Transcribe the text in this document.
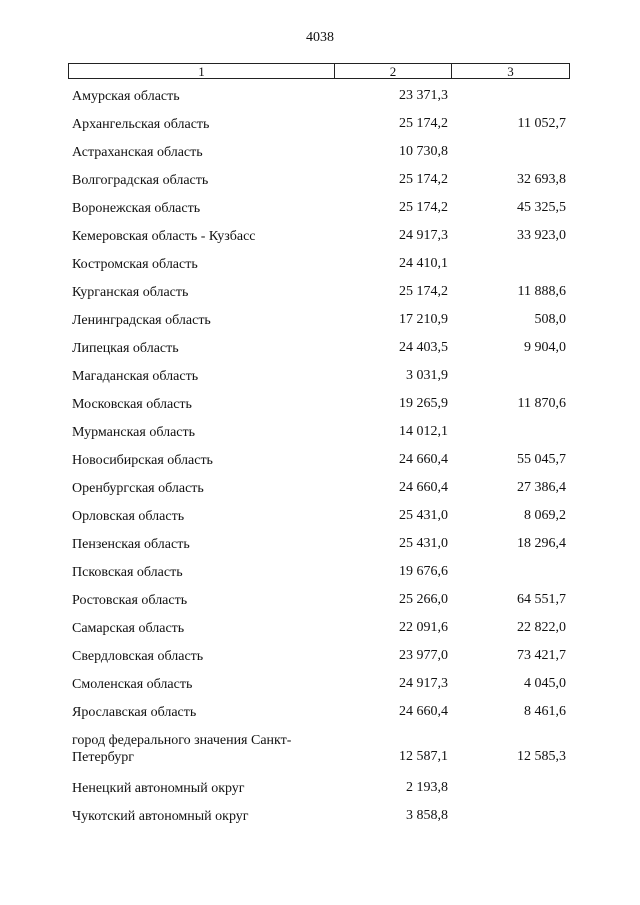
4038
1	2	3
Амурская область	23 371,3
Архангельская область	25 174,2	11 052,7
Астраханская область	10 730,8
Волгоградская область	25 174,2	32 693,8
Воронежская область	25 174,2	45 325,5
Кемеровская область - Кузбасс	24 917,3	33 923,0
Костромская область	24 410,1
Курганская область	25 174,2	11 888,6
Ленинградская область	17 210,9	508,0
Липецкая область	24 403,5	9 904,0
Магаданская область	3 031,9
Московская область	19 265,9	11 870,6
Мурманская область	14 012,1
Новосибирская область	24 660,4	55 045,7
Оренбургская область	24 660,4	27 386,4
Орловская область	25 431,0	8 069,2
Пензенская область	25 431,0	18 296,4
Псковская область	19 676,6
Ростовская область	25 266,0	64 551,7
Самарская область	22 091,6	22 822,0
Свердловская область	23 977,0	73 421,7
Смоленская область	24 917,3	4 045,0
Ярославская область	24 660,4	8 461,6
город федерального значения Санкт-Петербург	12 587,1	12 585,3
Ненецкий автономный округ	2 193,8
Чукотский автономный округ	3 858,8
